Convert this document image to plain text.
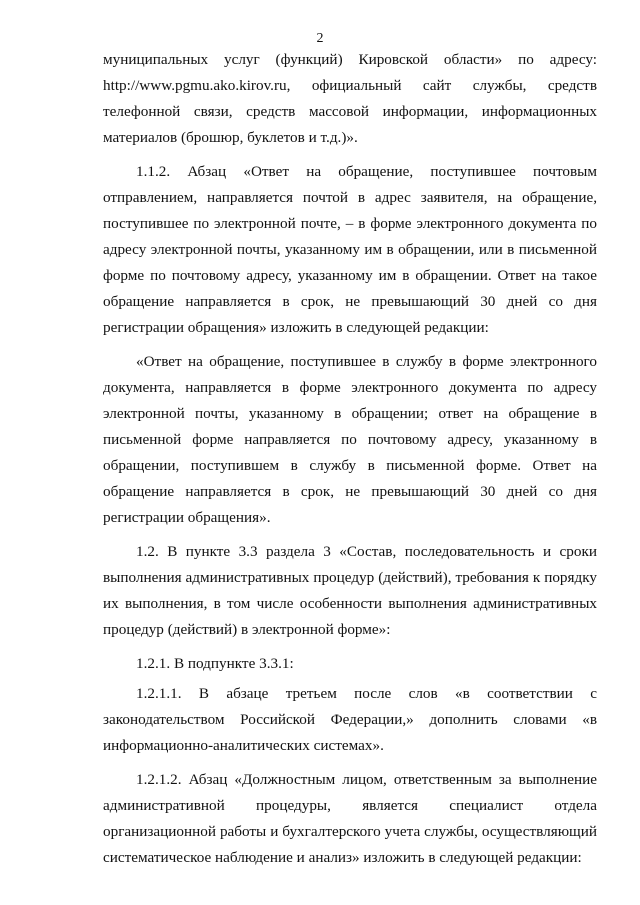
2

муниципальных услуг (функций) Кировской области» по адресу: http://www.pgmu.ako.kirov.ru, официальный сайт службы, средств телефонной связи, средств массовой информации, информационных материалов (брошюр, буклетов и т.д.)».

1.1.2. Абзац «Ответ на обращение, поступившее почтовым отправлением, направляется почтой в адрес заявителя, на обращение, поступившее по электронной почте, – в форме электронного документа по адресу электронной почты, указанному им в обращении, или в письменной форме по почтовому адресу, указанному им в обращении. Ответ на такое обращение направляется в срок, не превышающий 30 дней со дня регистрации обращения» изложить в следующей редакции:

«Ответ на обращение, поступившее в службу в форме электронного документа, направляется в форме электронного документа по адресу электронной почты, указанному в обращении; ответ на обращение в письменной форме направляется по почтовому адресу, указанному в обращении, поступившем в службу в письменной форме. Ответ на обращение направляется в срок, не превышающий 30 дней со дня регистрации обращения».

1.2. В пункте 3.3 раздела 3 «Состав, последовательность и сроки выполнения административных процедур (действий), требования к порядку их выполнения, в том числе особенности выполнения административных процедур (действий) в электронной форме»:

1.2.1. В подпункте 3.3.1:

1.2.1.1. В абзаце третьем после слов «в соответствии с законодательством Российской Федерации,» дополнить словами «в информационно-аналитических системах».

1.2.1.2. Абзац «Должностным лицом, ответственным за выполнение административной процедуры, является специалист отдела организационной работы и бухгалтерского учета службы, осуществляющий систематическое наблюдение и анализ» изложить в следующей редакции:
